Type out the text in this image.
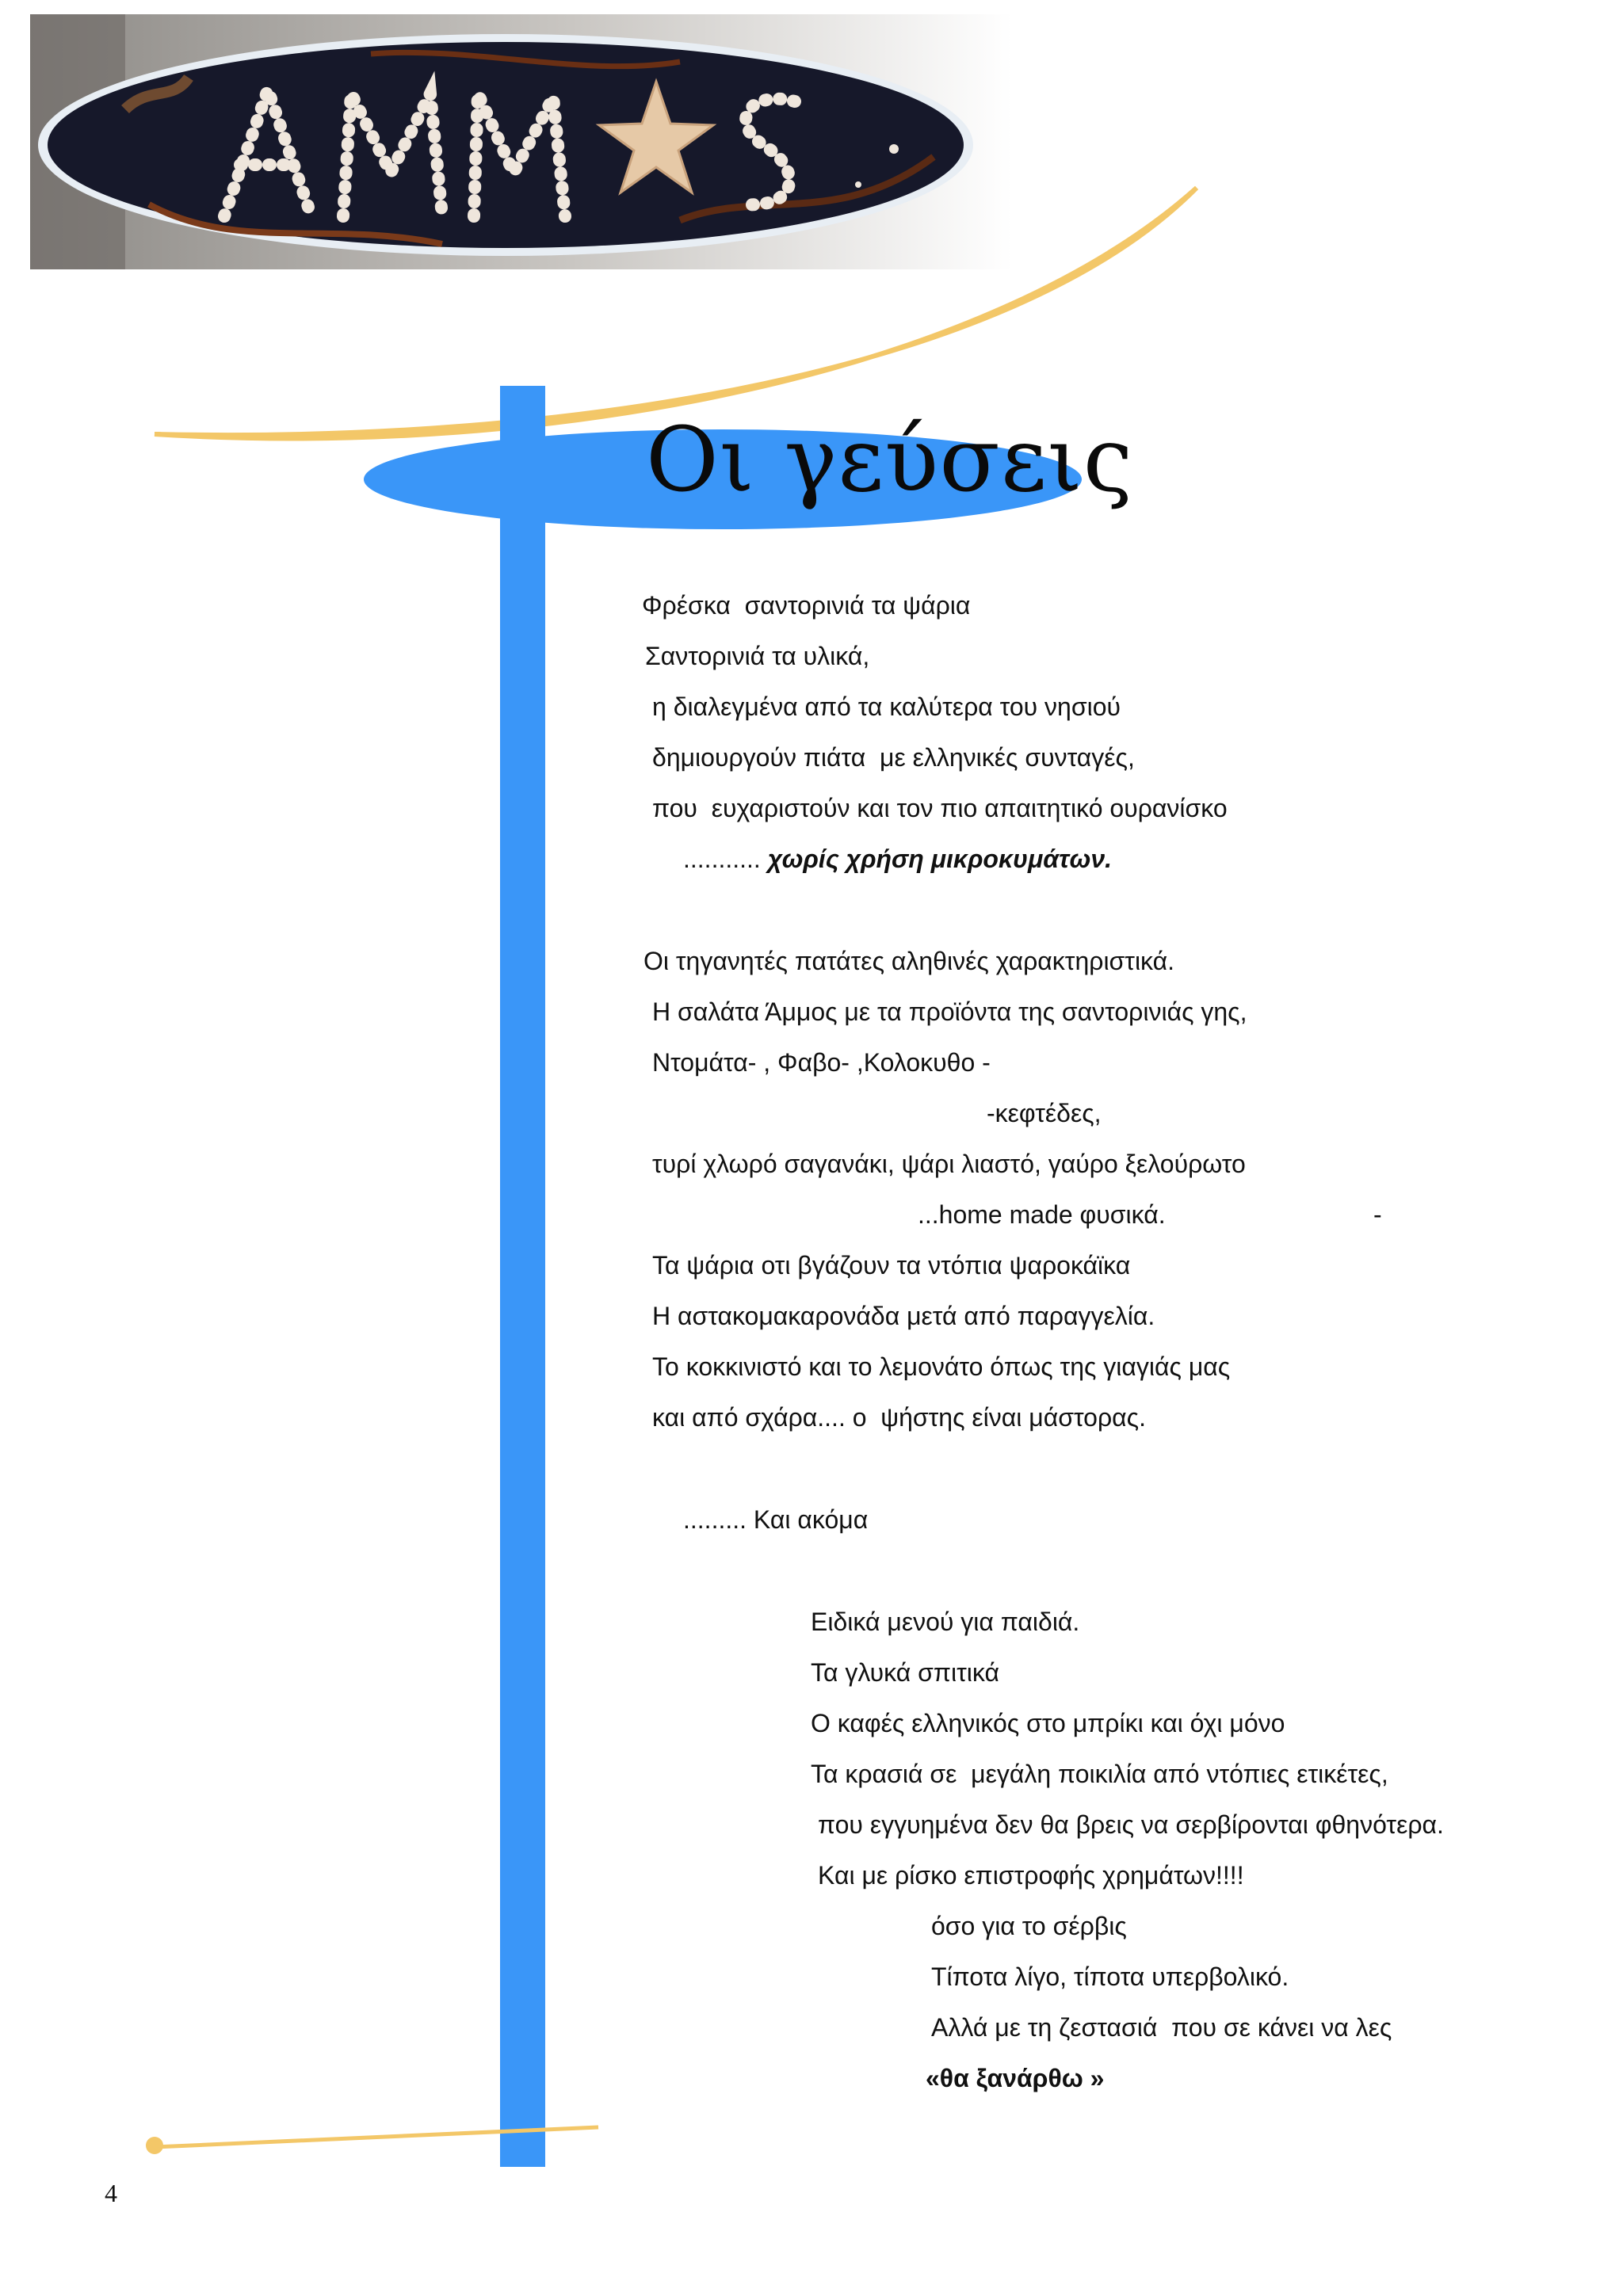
Οι γεύσεις
Φρέσκα  σαντορινιά τα ψάρια
Σαντορινιά τα υλικά,
η διαλεγμένα από τα καλύτερα του νησιού
δημιουργούν πιάτα  με ελληνικές συνταγές,
που  ευχαριστούν και τον πιο απαιτητικό ουρανίσκο
........... χωρίς χρήση μικροκυμάτων.
Οι τηγανητές πατάτες αληθινές χαρακτηριστικά.
Η σαλάτα Άμμος με τα προϊόντα της σαντορινιάς γης,
Ντομάτα- , Φαβο- ,Κολοκυθο -
-κεφτέδες,
τυρί χλωρό σαγανάκι, ψάρι λιαστό, γαύρο ξελούρωτο
...home made φυσικά.	-
Τα ψάρια οτι βγάζουν τα ντόπια ψαροκάϊκα
Η αστακομακαρονάδα μετά από παραγγελία.
Το κοκκινιστό και το λεμονάτο όπως της γιαγιάς μας
και από σχάρα.... ο  ψήστης είναι μάστορας.
......... Και ακόμα
Ειδικά μενού για παιδιά.
Τα γλυκά σπιτικά
Ο καφές ελληνικός στο μπρίκι και όχι μόνο
Τα κρασιά σε  μεγάλη ποικιλία από ντόπιες ετικέτες,
που εγγυημένα δεν θα βρεις να σερβίρονται φθηνότερα.
Και με ρίσκο επιστροφής χρημάτων!!!!
όσο για το σέρβις
Τίποτα λίγο, τίποτα υπερβολικό.
Αλλά με τη ζεστασιά  που σε κάνει να λες
«θα ξανάρθω »
4
